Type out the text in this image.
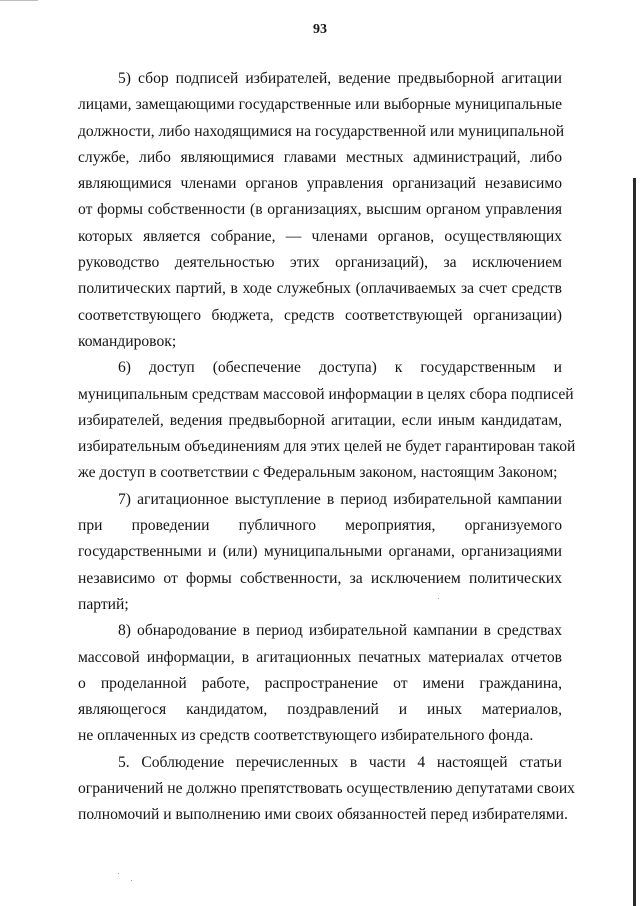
93
5) сбор подписей избирателей, ведение предвыборной агитации
лицами, замещающими государственные или выборные муниципальные
должности, либо находящимися на государственной или муниципальной
службе, либо являющимися главами местных администраций, либо
являющимися членами органов управления организаций независимо
от формы собственности (в организациях, высшим органом управления
которых является собрание, — членами органов, осуществляющих
руководство деятельностью этих организаций), за исключением
политических партий, в ходе служебных (оплачиваемых за счет средств
соответствующего бюджета, средств соответствующей организации)
командировок;
6) доступ (обеспечение доступа) к государственным и
муниципальным средствам массовой информации в целях сбора подписей
избирателей, ведения предвыборной агитации, если иным кандидатам,
избирательным объединениям для этих целей не будет гарантирован такой
же доступ в соответствии с Федеральным законом, настоящим Законом;
7) агитационное выступление в период избирательной кампании
при проведении публичного мероприятия, организуемого
государственными и (или) муниципальными органами, организациями
независимо от формы собственности, за исключением политических
партий;
8) обнародование в период избирательной кампании в средствах
массовой информации, в агитационных печатных материалах отчетов
о проделанной работе, распространение от имени гражданина,
являющегося кандидатом, поздравлений и иных материалов,
не оплаченных из средств соответствующего избирательного фонда.
5. Соблюдение перечисленных в части 4 настоящей статьи
ограничений не должно препятствовать осуществлению депутатами своих
полномочий и выполнению ими своих обязанностей перед избирателями.
